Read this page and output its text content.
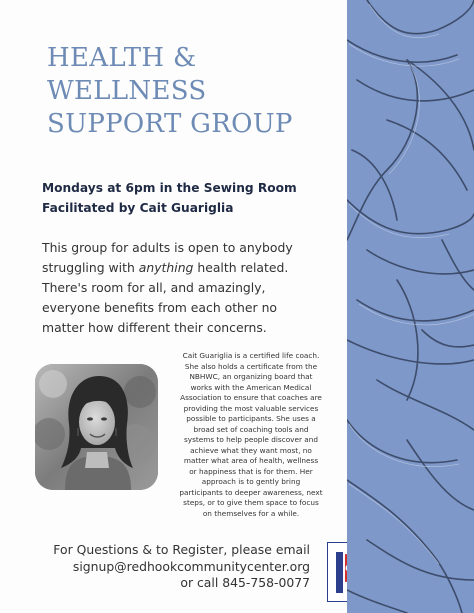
HEALTH &
WELLNESS
SUPPORT GROUP
Mondays at 6pm in the Sewing Room
Facilitated by Cait Guariglia
This group for adults is open to anybody
struggling with anything health related.
There's room for all, and amazingly,
everyone benefits from each other no
matter how different their concerns.
Cait Guariglia is a certified life coach.
She also holds a certificate from the
NBHWC, an organizing board that
works with the American Medical
Association to ensure that coaches are
providing the most valuable services
possible to participants. She uses a
broad set of coaching tools and
systems to help people discover and
achieve what they want most, no
matter what area of health, wellness
or happiness that is for them. Her
approach is to gently bring
participants to deeper awareness, next
steps, or to give them space to focus
on themselves for a while.
For Questions & to Register, please email
signup@redhookcommunitycenter.org
or call 845-758-0077
